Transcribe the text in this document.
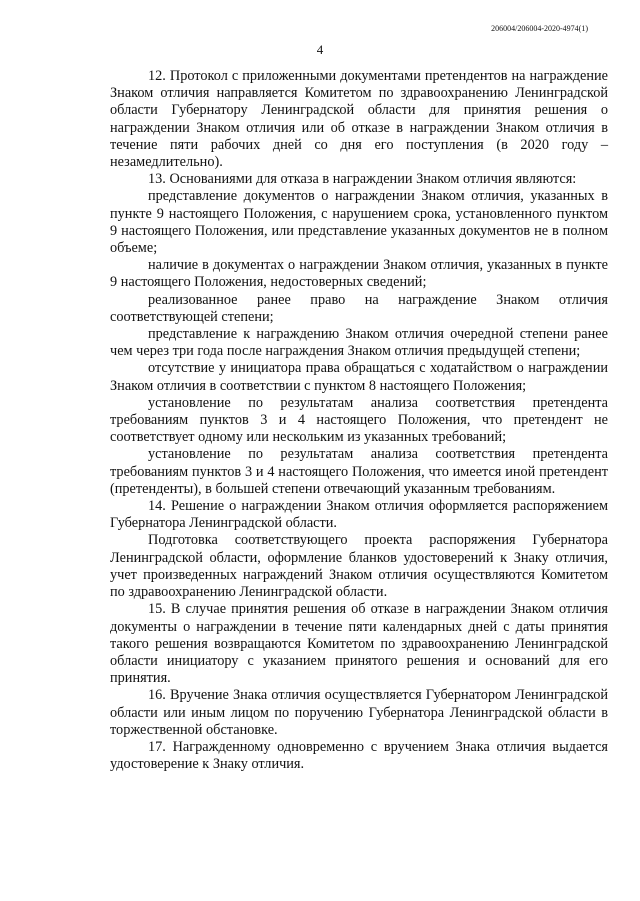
206004/206004-2020-4974(1)
4

12. Протокол с приложенными документами претендентов на награждение Знаком отличия направляется Комитетом по здравоохранению Ленинградской области Губернатору Ленинградской области для принятия решения о награждении Знаком отличия или об отказе в награждении Знаком отличия в течение пяти рабочих дней со дня его поступления (в 2020 году – незамедлительно).

13. Основаниями для отказа в награждении Знаком отличия являются:

представление документов о награждении Знаком отличия, указанных в пункте 9 настоящего Положения, с нарушением срока, установленного пунктом 9 настоящего Положения, или представление указанных документов не в полном объеме;

наличие в документах о награждении Знаком отличия, указанных в пункте 9 настоящего Положения, недостоверных сведений;

реализованное ранее право на награждение Знаком отличия соответствующей степени;

представление к награждению Знаком отличия очередной степени ранее чем через три года после награждения Знаком отличия предыдущей степени;

отсутствие у инициатора права обращаться с ходатайством о награждении Знаком отличия в соответствии с пунктом 8 настоящего Положения;

установление по результатам анализа соответствия претендента требованиям пунктов 3 и 4 настоящего Положения, что претендент не соответствует одному или нескольким из указанных требований;

установление по результатам анализа соответствия претендента требованиям пунктов 3 и 4 настоящего Положения, что имеется иной претендент (претенденты), в большей степени отвечающий указанным требованиям.

14. Решение о награждении Знаком отличия оформляется распоряжением Губернатора Ленинградской области.

Подготовка соответствующего проекта распоряжения Губернатора Ленинградской области, оформление бланков удостоверений к Знаку отличия, учет произведенных награждений Знаком отличия осуществляются Комитетом по здравоохранению Ленинградской области.

15. В случае принятия решения об отказе в награждении Знаком отличия документы о награждении в течение пяти календарных дней с даты принятия такого решения возвращаются Комитетом по здравоохранению Ленинградской области инициатору с указанием принятого решения и оснований для его принятия.

16. Вручение Знака отличия осуществляется Губернатором Ленинградской области или иным лицом по поручению Губернатора Ленинградской области в торжественной обстановке.

17. Награжденному одновременно с вручением Знака отличия выдается удостоверение к Знаку отличия.
